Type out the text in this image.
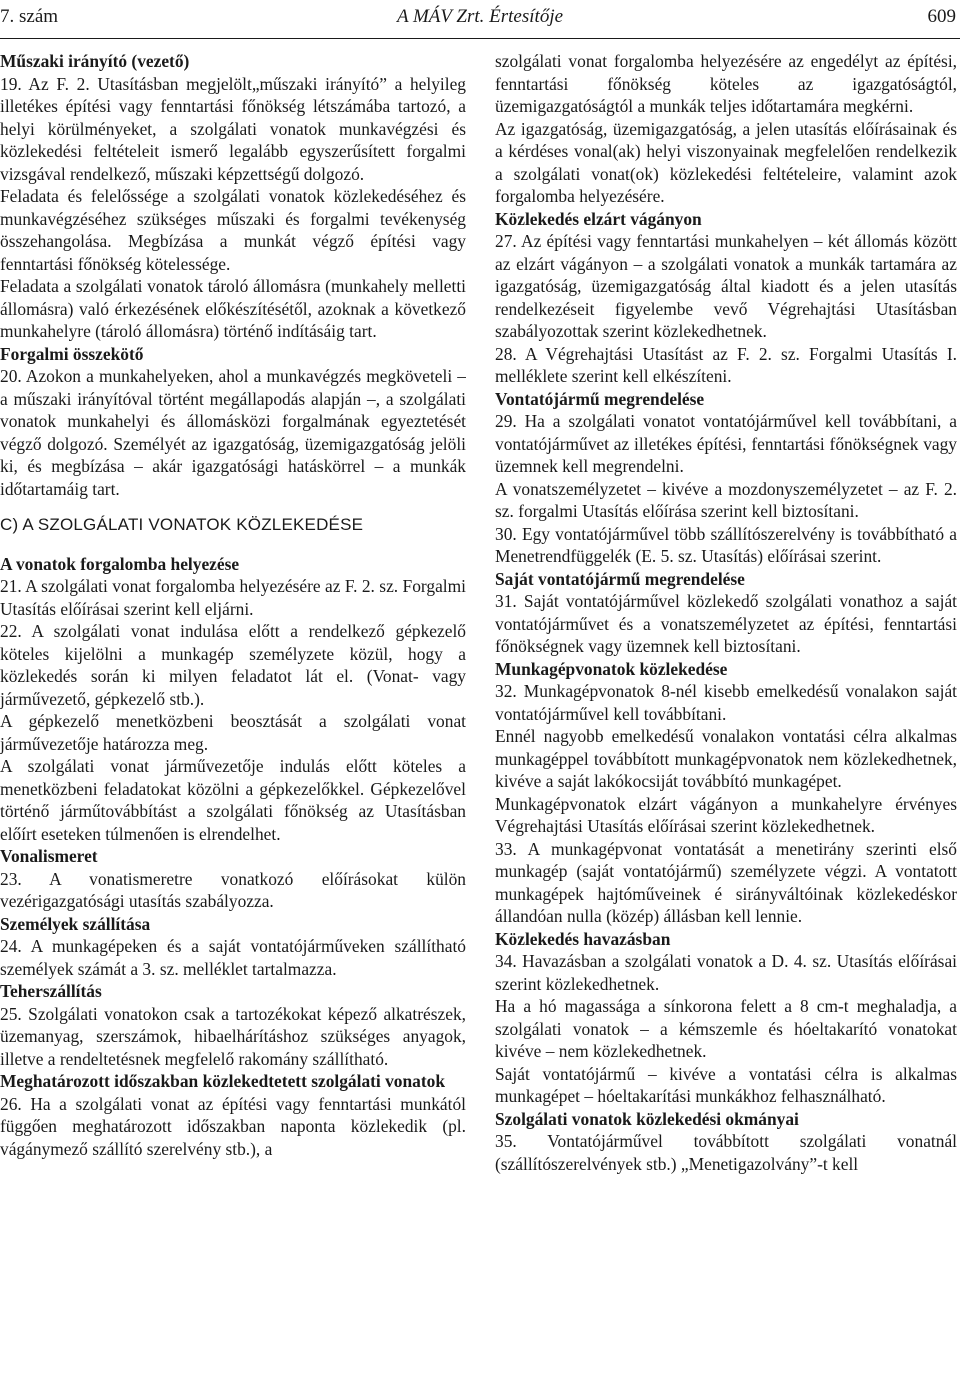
7. szám	A MÁV Zrt. Értesítője	609

Műszaki irányító (vezető)

19. Az F. 2. Utasításban megjelölt„műszaki irányító” a helyileg illetékes építési vagy fenntartási főnökség létszámába tartozó, a helyi körülményeket, a szolgálati vonatok munkavégzési és közlekedési feltételeit ismerő legalább egyszerűsített forgalmi vizsgával rendelkező, műszaki képzettségű dolgozó.

Feladata és felelőssége a szolgálati vonatok közlekedéséhez és munkavégzéséhez szükséges műszaki és forgalmi tevékenység összehangolása. Megbízása a munkát végző építési vagy fenntartási főnökség kötelessége.

Feladata a szolgálati vonatok tároló állomásra (munkahely melletti állomásra) való érkezésének előkészítésétől, azoknak a következő munkahelyre (tároló állomásra) történő indításáig tart.

Forgalmi összekötő

20. Azokon a munkahelyeken, ahol a munkavégzés megköveteli – a műszaki irányítóval történt megállapodás alapján –, a szolgálati vonatok munkahelyi és állomásközi forgalmának egyeztetését végző dolgozó. Személyét az igazgatóság, üzemigazgatóság jelöli ki, és megbízása – akár igazgatósági hatáskörrel – a munkák időtartamáig tart.

C) A SZOLGÁLATI VONATOK KÖZLEKEDÉSE

A vonatok forgalomba helyezése

21. A szolgálati vonat forgalomba helyezésére az F. 2. sz. Forgalmi Utasítás előírásai szerint kell eljárni.

22. A szolgálati vonat indulása előtt a rendelkező gépkezelő köteles kijelölni a munkagép személyzete közül, hogy a közlekedés során ki milyen feladatot lát el. (Vonat- vagy járművezető, gépkezelő stb.).

A gépkezelő menetközbeni beosztását a szolgálati vonat járművezetője határozza meg.

A szolgálati vonat járművezetője indulás előtt köteles a menetközbeni feladatokat közölni a gépkezelőkkel. Gépkezelővel történő járműtovábbítást a szolgálati főnökség az Utasításban előírt eseteken túlmenően is elrendelhet.

Vonalismeret

23. A vonatismeretre vonatkozó előírásokat külön vezérigazgatósági utasítás szabályozza.

Személyek szállítása

24. A munkagépeken és a saját vontatójárműveken szállítható személyek számát a 3. sz. melléklet tartalmazza.

Teherszállítás

25. Szolgálati vonatokon csak a tartozékokat képező alkatrészek, üzemanyag, szerszámok, hibaelhárításhoz szükséges anyagok, illetve a rendeltetésnek megfelelő rakomány szállítható.

Meghatározott időszakban közlekedtetett szolgálati vonatok

26. Ha a szolgálati vonat az építési vagy fenntartási munkától függően meghatározott időszakban naponta közlekedik (pl. vágánymező szállító szerelvény stb.), a

szolgálati vonat forgalomba helyezésére az engedélyt az építési, fenntartási főnökség köteles az igazgatóságtól, üzemigazgatóságtól a munkák teljes időtartamára megkérni.

Az igazgatóság, üzemigazgatóság, a jelen utasítás előírásainak és a kérdéses vonal(ak) helyi viszonyainak megfelelően rendelkezik a szolgálati vonat(ok) közlekedési feltételeire, valamint azok forgalomba helyezésére.

Közlekedés elzárt vágányon

27. Az építési vagy fenntartási munkahelyen – két állomás között az elzárt vágányon – a szolgálati vonatok a munkák tartamára az igazgatóság, üzemigazgatóság által kiadott és a jelen utasítás rendelkezéseit figyelembe vevő Végrehajtási Utasításban szabályozottak szerint közlekedhetnek.

28. A Végrehajtási Utasítást az F. 2. sz. Forgalmi Utasítás I. melléklete szerint kell elkészíteni.

Vontatójármű megrendelése

29. Ha a szolgálati vonatot vontatójárművel kell továbbítani, a vontatójárművet az illetékes építési, fenntartási főnökségnek vagy üzemnek kell megrendelni.

A vonatszemélyzetet – kivéve a mozdonyszemélyzetet – az F. 2. sz. forgalmi Utasítás előírása szerint kell biztosítani.

30. Egy vontatójárművel több szállítószerelvény is továbbítható a Menetrendfüggelék (E. 5. sz. Utasítás) előírásai szerint.

Saját vontatójármű megrendelése

31. Saját vontatójárművel közlekedő szolgálati vonathoz a saját vontatójárművet és a vonatszemélyzetet az építési, fenntartási főnökségnek vagy üzemnek kell biztosítani.

Munkagépvonatok közlekedése

32. Munkagépvonatok 8-nél kisebb emelkedésű vonalakon saját vontatójárművel kell továbbítani.

Ennél nagyobb emelkedésű vonalakon vontatási célra alkalmas munkagéppel továbbított munkagépvonatok nem közlekedhetnek, kivéve a saját lakókocsiját továbbító munkagépet.

Munkagépvonatok elzárt vágányon a munkahelyre érvényes Végrehajtási Utasítás előírásai szerint közlekedhetnek.

33. A munkagépvonat vontatását a menetirány szerinti első munkagép (saját vontatójármű) személyzete végzi. A vontatott munkagépek hajtóműveinek é sirányváltóinak közlekedéskor állandóan nulla (közép) állásban kell lennie.

Közlekedés havazásban

34. Havazásban a szolgálati vonatok a D. 4. sz. Utasítás előírásai szerint közlekedhetnek.

Ha a hó magassága a sínkorona felett a 8 cm-t meghaladja, a szolgálati vonatok – a kémszemle és hóeltakarító vonatokat kivéve – nem közlekedhetnek.

Saját vontatójármű – kivéve a vontatási célra is alkalmas munkagépet – hóeltakarítási munkákhoz felhasználható.

Szolgálati vonatok közlekedési okmányai

35. Vontatójárművel továbbított szolgálati vonatnál (szállítószerelvények stb.) „Menetigazolvány”-t kell
